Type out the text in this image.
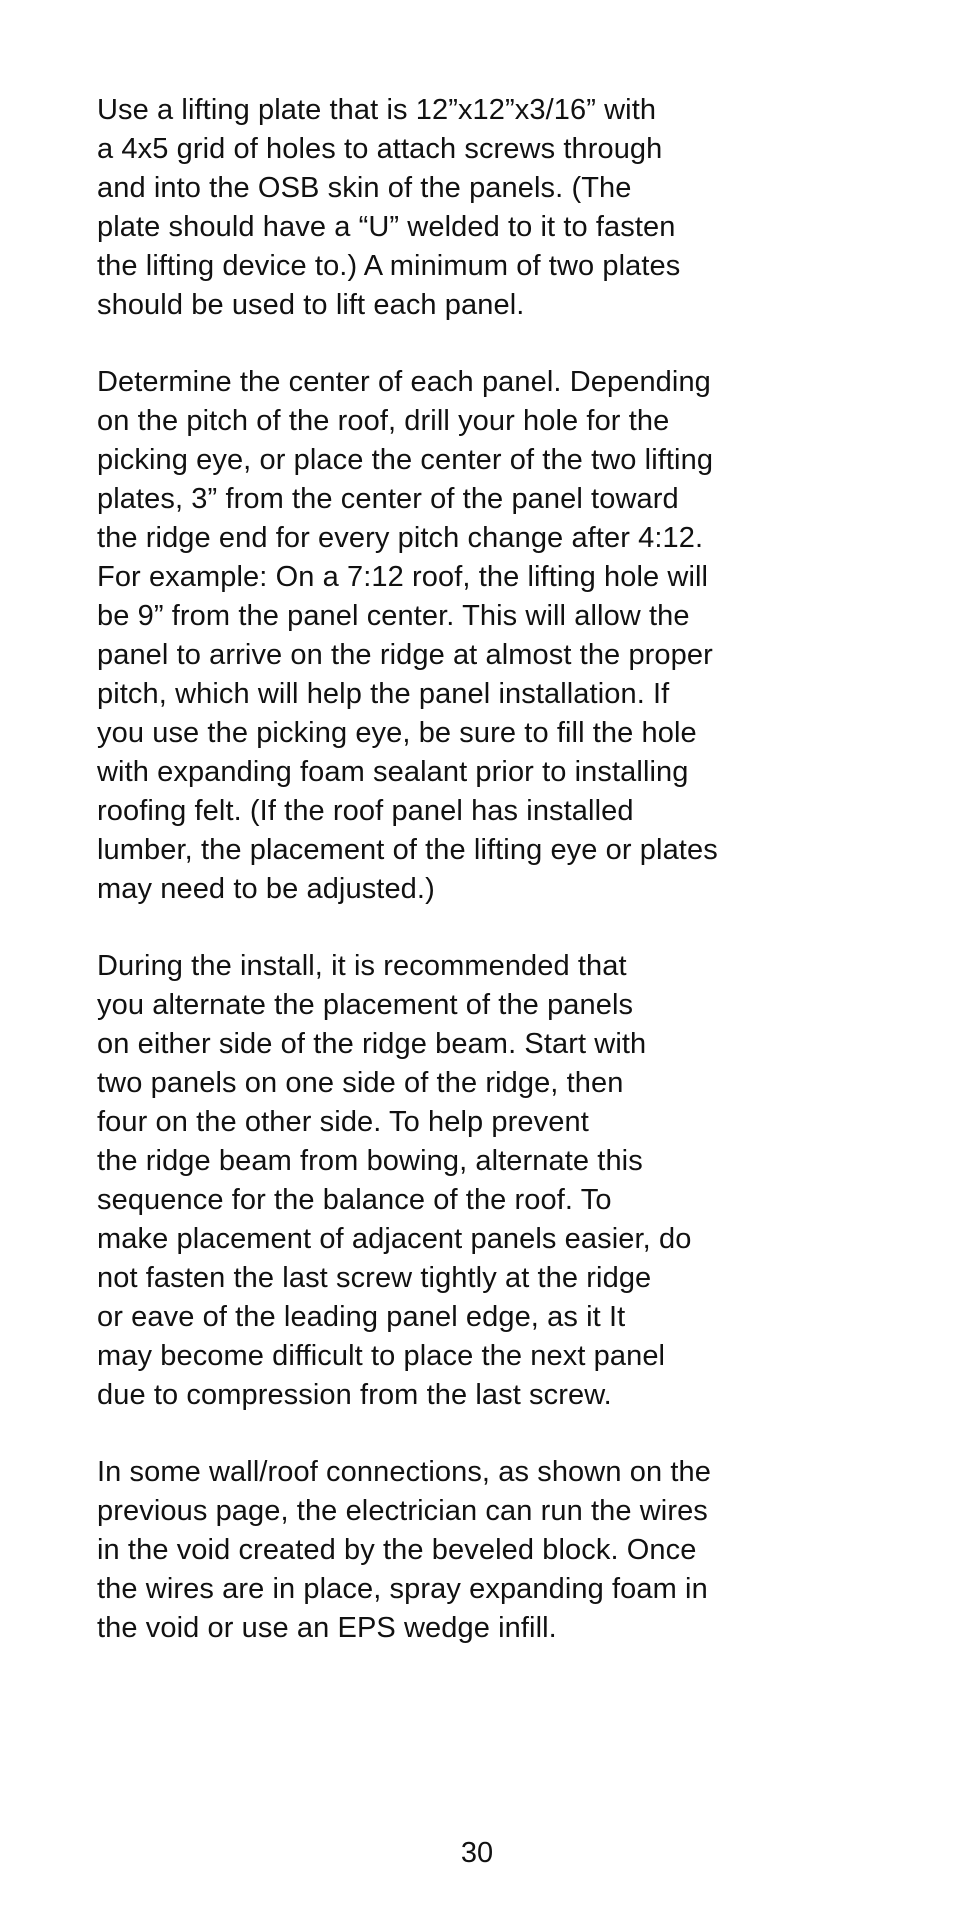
Use a lifting plate that is 12”x12”x3/16” with
a 4x5 grid of holes to attach screws through
and into the OSB skin of the panels. (The
plate should have a “U” welded to it to fasten
the lifting device to.) A minimum of two plates
should be used to lift each panel.

Determine the center of each panel. Depending
on the pitch of the roof, drill your hole for the
picking eye, or place the center of the two lifting
plates, 3” from the center of the panel toward
the ridge end for every pitch change after 4:12.
For example: On a 7:12 roof, the lifting hole will
be 9” from the panel center. This will allow the
panel to arrive on the ridge at almost the proper
pitch, which will help the panel installation. If
you use the picking eye, be sure to fill the hole
with expanding foam sealant prior to installing
roofing felt. (If the roof panel has installed
lumber, the placement of the lifting eye or plates
may need to be adjusted.)

During the install, it is recommended that
you alternate the placement of the panels
on either side of the ridge beam. Start with
two panels on one side of the ridge, then
four on the other side. To help prevent
the ridge beam from bowing, alternate this
sequence for the balance of the roof. To
make placement of adjacent panels easier, do
not fasten the last screw tightly at the ridge
or eave of the leading panel edge, as it It
may become difficult to place the next panel
due to compression from the last screw.

In some wall/roof connections, as shown on the
previous page, the electrician can run the wires
in the void created by the beveled block. Once
the wires are in place, spray expanding foam in
the void or use an EPS wedge infill.

30
